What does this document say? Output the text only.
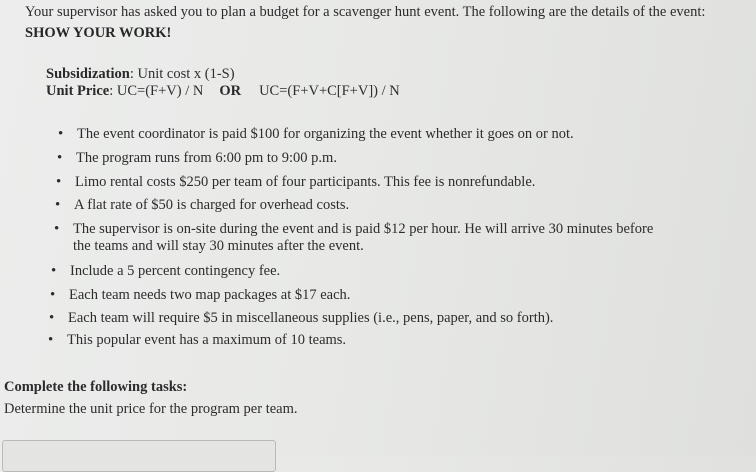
Your supervisor has asked you to plan a budget for a scavenger hunt event. The following are the details of the event: SHOW YOUR WORK!
Subsidization: Unit cost x (1-S)
Unit Price: UC=(F+V) / N OR UC=(F+V+C[F+V]) / N
• The event coordinator is paid $100 for organizing the event whether it goes on or not.
• The program runs from 6:00 pm to 9:00 p.m.
• Limo rental costs $250 per team of four participants. This fee is nonrefundable.
• A flat rate of $50 is charged for overhead costs.
• The supervisor is on-site during the event and is paid $12 per hour. He will arrive 30 minutes before
the teams and will stay 30 minutes after the event.
• Include a 5 percent contingency fee.
• Each team needs two map packages at $17 each.
• Each team will require $5 in miscellaneous supplies (i.e., pens, paper, and so forth).
• This popular event has a maximum of 10 teams.
Complete the following tasks:
Determine the unit price for the program per team.
